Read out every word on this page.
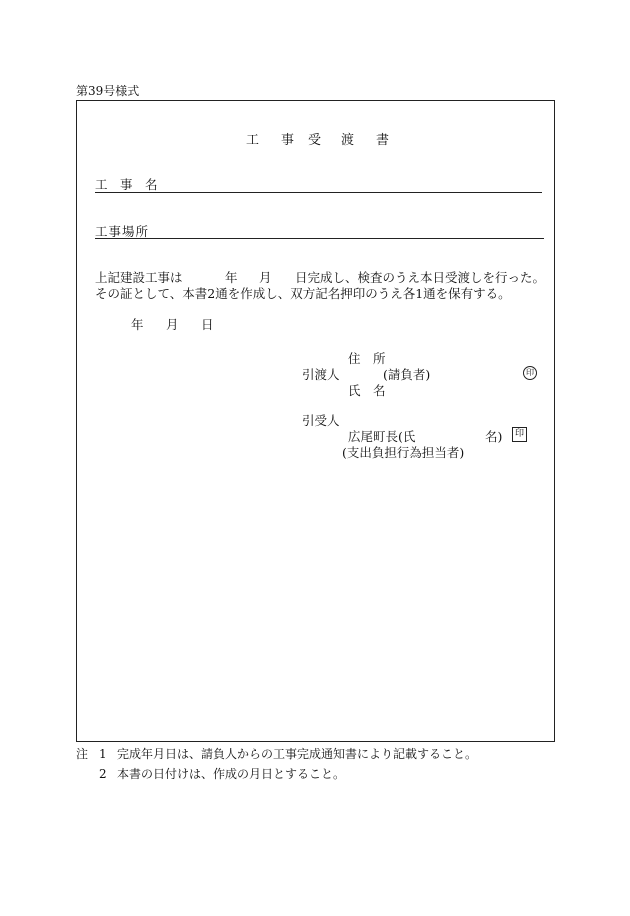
第39号様式
工 事 受 渡 書
工　事　名
工事場所
上記建設工事は	年 月 日完成し、検査のうえ本日受渡しを行った。
その証として、本書2通を作成し、双方記名押印のうえ各1通を保有する。
年 月 日
住　所
引渡人	(請負者)	印
氏　名
引受人
広尾町長(氏	名)	印
(支出負担行為担当者)
注 1 完成年月日は、請負人からの工事完成通知書により記載すること。
2 本書の日付けは、作成の月日とすること。
